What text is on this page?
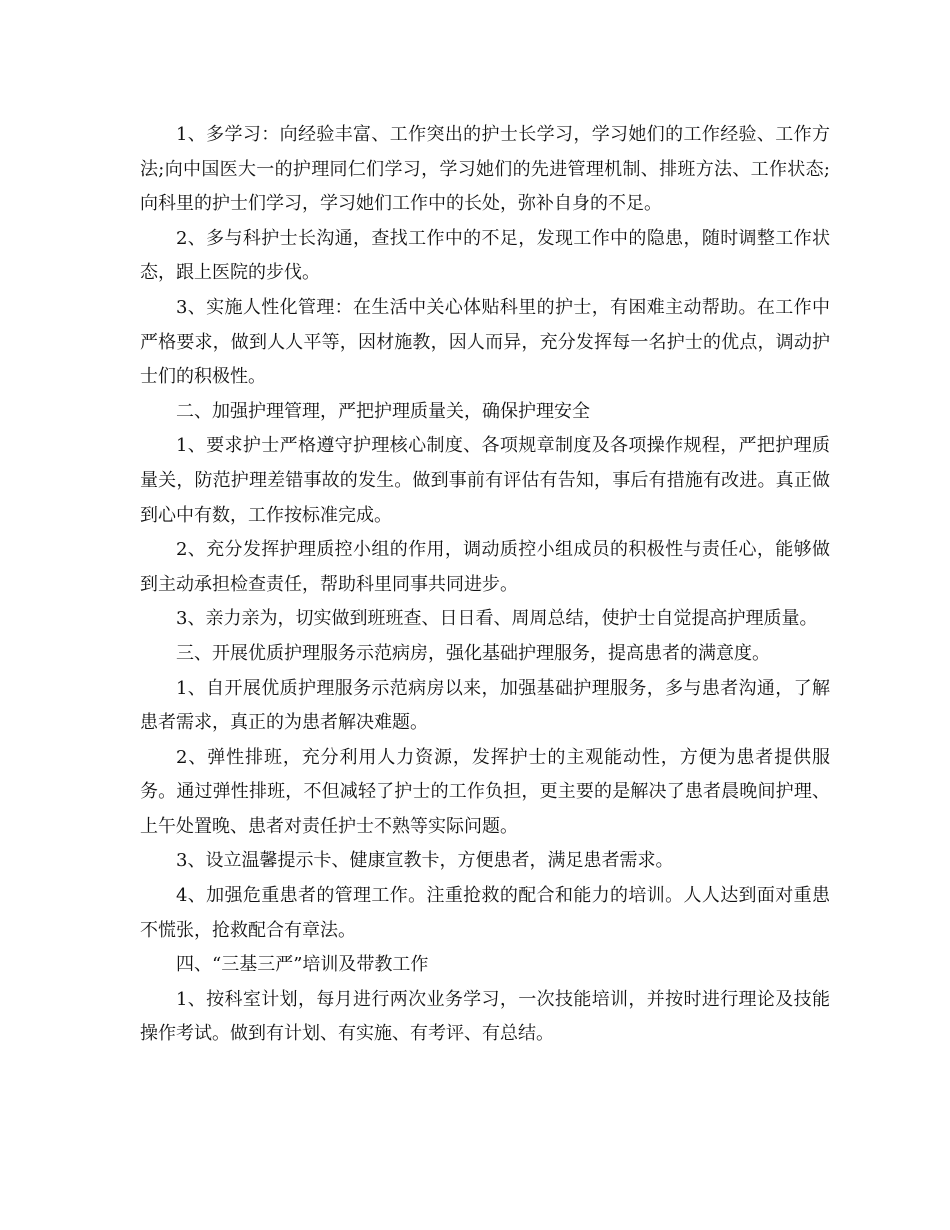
1、多学习：向经验丰富、工作突出的护士长学习，学习她们的工作经验、工作方法;向中国医大一的护理同仁们学习，学习她们的先进管理机制、排班方法、工作状态;向科里的护士们学习，学习她们工作中的长处，弥补自身的不足。

2、多与科护士长沟通，查找工作中的不足，发现工作中的隐患，随时调整工作状态，跟上医院的步伐。

3、实施人性化管理：在生活中关心体贴科里的护士，有困难主动帮助。在工作中严格要求，做到人人平等，因材施教，因人而异，充分发挥每一名护士的优点，调动护士们的积极性。

二、加强护理管理，严把护理质量关，确保护理安全

1、要求护士严格遵守护理核心制度、各项规章制度及各项操作规程，严把护理质量关，防范护理差错事故的发生。做到事前有评估有告知，事后有措施有改进。真正做到心中有数，工作按标准完成。

2、充分发挥护理质控小组的作用，调动质控小组成员的积极性与责任心，能够做到主动承担检查责任，帮助科里同事共同进步。

3、亲力亲为，切实做到班班查、日日看、周周总结，使护士自觉提高护理质量。

三、开展优质护理服务示范病房，强化基础护理服务，提高患者的满意度。

1、自开展优质护理服务示范病房以来，加强基础护理服务，多与患者沟通，了解患者需求，真正的为患者解决难题。

2、弹性排班，充分利用人力资源，发挥护士的主观能动性，方便为患者提供服务。通过弹性排班，不但减轻了护士的工作负担，更主要的是解决了患者晨晚间护理、上午处置晚、患者对责任护士不熟等实际问题。

3、设立温馨提示卡、健康宣教卡，方便患者，满足患者需求。

4、加强危重患者的管理工作。注重抢救的配合和能力的培训。人人达到面对重患不慌张，抢救配合有章法。

四、“三基三严”培训及带教工作

1、按科室计划，每月进行两次业务学习，一次技能培训，并按时进行理论及技能操作考试。做到有计划、有实施、有考评、有总结。
